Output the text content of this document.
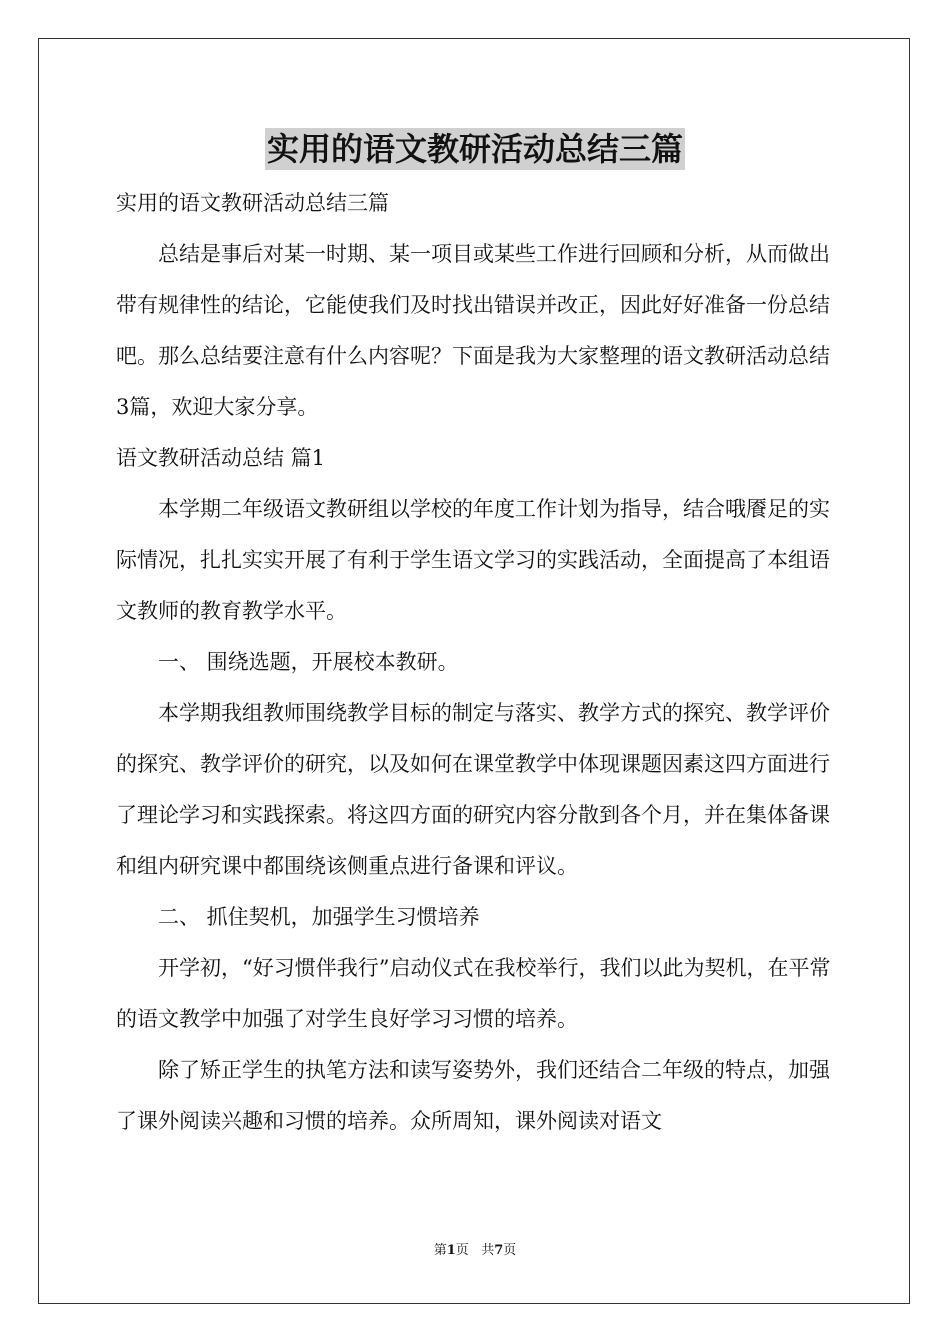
实用的语文教研活动总结三篇

实用的语文教研活动总结三篇

总结是事后对某一时期、某一项目或某些工作进行回顾和分析，从而做出带有规律性的结论，它能使我们及时找出错误并改正，因此好好准备一份总结吧。那么总结要注意有什么内容呢？下面是我为大家整理的语文教研活动总结3篇，欢迎大家分享。

语文教研活动总结 篇1

本学期二年级语文教研组以学校的年度工作计划为指导，结合哦餍足的实际情况，扎扎实实开展了有利于学生语文学习的实践活动，全面提高了本组语文教师的教育教学水平。

一、 围绕选题，开展校本教研。

本学期我组教师围绕教学目标的制定与落实、教学方式的探究、教学评价的探究、教学评价的研究，以及如何在课堂教学中体现课题因素这四方面进行了理论学习和实践探索。将这四方面的研究内容分散到各个月，并在集体备课和组内研究课中都围绕该侧重点进行备课和评议。

二、 抓住契机，加强学生习惯培养

开学初，“好习惯伴我行”启动仪式在我校举行，我们以此为契机，在平常的语文教学中加强了对学生良好学习习惯的培养。

除了矫正学生的执笔方法和读写姿势外，我们还结合二年级的特点，加强了课外阅读兴趣和习惯的培养。众所周知，课外阅读对语文

第1页 共7页
